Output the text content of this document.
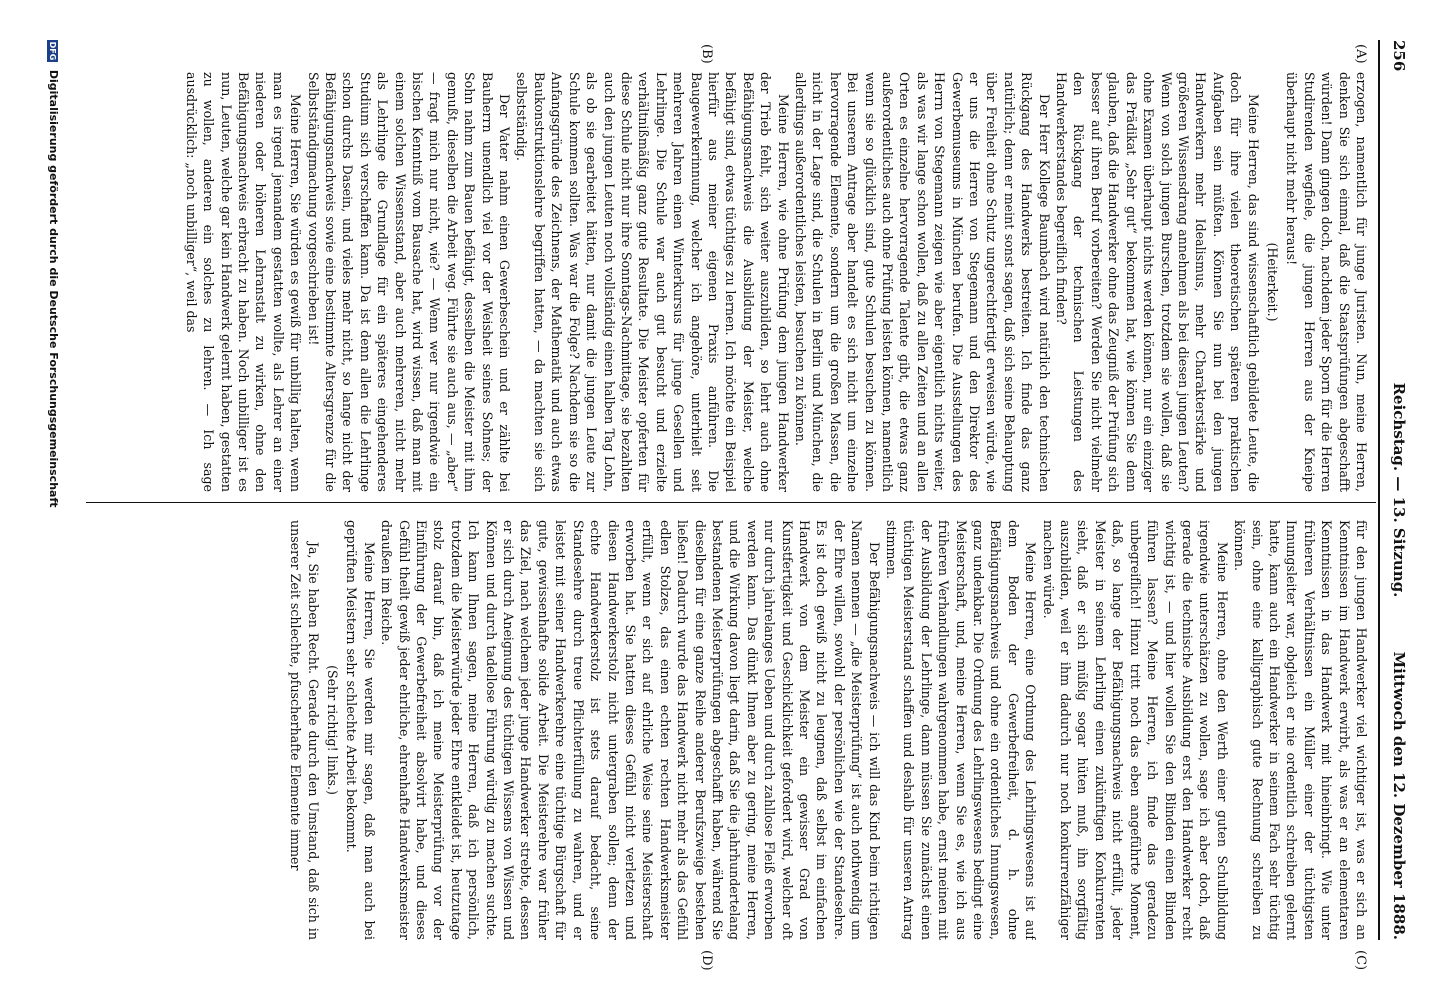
256
Reichstag. — 13. Sitzung.
Mittwoch den 12. Dezember 1888.
(A)
(B)
(C)
(D)

erzogen, namentlich für junge Juristen. Nun, meine Herren, denken Sie sich einmal, daß die Staatsprüfungen abgeschafft würden! Dann gingen doch, nachdem jeder Sporn für die Herren Studirenden wegfiele, die jungen Herren aus der Kneipe überhaupt nicht mehr heraus!

(Heiterkeit.)

Meine Herren, das sind wissenschaftlich gebildete Leute, die doch für ihre vielen theoretischen späteren praktischen Aufgaben sein müßten. Können Sie nun bei den jungen Handwerkern mehr Idealismus, mehr Charakterstärke und größeren Wissensdrang annehmen als bei diesen jungen Leuten? Wenn von solch jungen Burschen, trotzdem sie wollen, daß sie ohne Examen überhaupt nichts werden können, nur ein einziger das Prädikat „Sehr gut“ bekommen hat, wie können Sie denn glauben, daß die Handwerker ohne das Zeugniß der Prüfung sich besser auf ihren Beruf vorbereiten? Werden Sie nicht vielmehr den Rückgang der technischen Leistungen des Handwerkerstandes begreiflich finden?

Der Herr Kollege Baumbach wird natürlich den technischen Rückgang des Handwerks bestreiten. Ich finde das ganz natürlich; denn er meint sonst sagen, daß sich seine Behauptung über Freiheit ohne Schutz ungerechtfertigt erweisen würde, wie er uns die Herren von Stegemann und den Direktor des Gewerbemuseums in München berufen. Die Ausstellungen des Herrn von Stegemann zeigen wie aber eigentlich nichts weiter, als was wir lange schon wollen, daß zu allen Zeiten und an allen Orten es einzelne hervorragende Talente gibt, die etwas ganz außerordentliches auch ohne Prüfung leisten können, namentlich wenn sie so glücklich sind, gute Schulen besuchen zu können. Bei unserem Antrage aber handelt es sich nicht um einzelne hervorragende Elemente, sondern um die großen Massen, die nicht in der Lage sind, die Schulen in Berlin und München, die allerdings außerordentliches leisten, besuchen zu können.

Meine Herren, wie ohne Prüfung dem jungen Handwerker der Trieb fehlt, sich weiter auszubilden, so lehrt auch ohne Befähigungsnachweis die Ausbildung der Meister, welche befähigt sind, etwas tüchtiges zu lernen. Ich möchte ein Beispiel hierfür aus meiner eigenen Praxis anführen. Die Baugewerkerinnung, welcher ich angehöre, unterhielt seit mehreren Jahren einen Winterkursus für junge Gesellen und Lehrlinge. Die Schule war auch gut besucht und erzielte verhältnißmäßig ganz gute Resultate. Die Meister opferten für diese Schule nicht nur ihre Sonntags-Nachmittage, sie bezahlten auch den jungen Leuten noch vollständig einen halben Tag Lohn, als ob sie gearbeitet hätten, nur damit die jungen Leute zur Schule kommen sollten. Was war die Folge? Nachdem sie so die Anfangsgründe des Zeichnens, der Mathematik und auch etwas Baukonstruktionslehre begriffen hatten, — da machten sie sich selbstständig.

Der Vater nahm einen Gewerbeschein und er zählte bei Bauherrn unendlich viel vor der Weisheit seines Sohnes; der Sohn nahm zum Bauen befähigt, desselben die Meister mit ihm gemußt, dieselben die Arbeit weg. Führte sie auch aus, — „aber“ — fragt mich nur nicht, wie? — Wenn wer nur irgendwie ein bischen Kenntniß vom Bausache hat, wird wissen, daß man mit einem solchen Wissensstand, aber auch mehreren, nicht mehr als Lehrlinge die Grundlage für ein späteres eingehenderes Studium sich verschaffen kann. Da ist denn allen die Lehrlinge schon durchs Dasein, und vieles mehr nicht, so lange nicht der Befähigungsnachweis sowie eine bestimmte Altersgrenze für die Selbstständigmachung vorgeschrieben ist!

Meine Herren, Sie würden es gewiß für unbillig halten, wenn man es irgend jemandem gestatten wollte, als Lehrer an einer niederen oder höheren Lehranstalt zu wirken, ohne den Befähigungsnachweis erbracht zu haben. Noch unbilliger ist es nun, Leuten, welche gar kein Handwerk gelernt haben, gestatten zu wollen, anderen ein solches zu lehren. — Ich sage ausdrücklich: „noch unbilliger“, weil das

für den jungen Handwerker viel wichtiger ist, was er sich an Kenntnissen im Handwerk erwirbt, als was er an elementaren Kenntnissen in das Handwerk mit hineinbringt. Wie unter früheren Verhältnissen ein Müller einer der tüchtigsten Innungsleiter war, obgleich er nie ordentlich schreiben gelernt hatte, kann auch ein Handwerker in seinem Fach sehr tüchtig sein, ohne eine kalligraphisch gute Rechnung schreiben zu können.

Meine Herren, ohne den Werth einer guten Schulbildung irgendwie unterschätzen zu wollen, sage ich aber doch, daß gerade die technische Ausbildung erst den Handwerker recht wichtig ist, — und hier wollen Sie den Blinden einen Blinden führen lassen? Meine Herren, ich finde das geradezu unbegreiflich! Hinzu tritt noch das eben angeführte Moment, daß, so lange der Befähigungsnachweis nicht erfüllt, jeder Meister in seinem Lehrling einen zukünftigen Konkurrenten sieht, daß er sich müßig sogar hüten muß, ihn sorgfältig auszubilden, weil er ihm dadurch nur noch konkurrenzfähiger machen würde.

Meine Herren, eine Ordnung des Lehrlingswesens ist auf dem Boden der Gewerbefreiheit, d. h. ohne Befähigungsnachweis und ohne ein ordentliches Innungswesen, ganz undenkbar. Die Ordnung des Lehrlingswesens bedingt eine Meisterschaft, und, meine Herren, wenn Sie es, wie ich aus früheren Verhandlungen wahrgenommen habe, ernst meinen mit der Ausbildung der Lehrlinge, dann müssen Sie zunächst einen tüchtigen Meisterstand schaffen und deshalb für unseren Antrag stimmen.

Der Befähigungsnachweis — ich will das Kind beim richtigen Namen nennen — „die Meisterprüfung“ ist auch nothwendig um der Ehre willen, sowohl der persönlichen wie der Standesehre. Es ist doch gewiß nicht zu leugnen, daß selbst im einfachen Handwerk von dem Meister ein gewisser Grad von Kunstfertigkeit und Geschicklichkeit gefordert wird, welcher oft nur durch jahrelanges Ueben und durch zahllose Fleiß erworben werden kann. Das dünkt Ihnen aber zu gering, meine Herren, und die Wirkung davon liegt darin, daß Sie die jahrhundertelang bestandenen Meisterprüfungen abgeschafft haben, während Sie dieselben für eine ganze Reihe anderer Berufszweige bestehen ließen! Dadurch wurde das Handwerk nicht mehr als das Gefühl edlen Stolzes, das einen echten rechten Handwerksmeister erfüllt, wenn er sich auf ehrliche Weise seine Meisterschaft erworben hat. Sie hatten dieses Gefühl nicht verletzen und diesen Handwerkerstolz nicht untergraben sollen; denn der echte Handwerkerstolz ist stets darauf bedacht, seine Standesehre durch treue Pflichterfüllung zu wahren, und er leistet mit seiner Handwerkerehre eine tüchtige Bürgschaft für gute, gewissenhafte solide Arbeit. Die Meisterehre war früher das Ziel, nach welchem jeder junge Handwerker strebte, dessen er sich durch Aneignung des tüchtigen Wissens von Wissen und Können und durch tadellose Führung würdig zu machen suchte. Ich kann Ihnen sagen, meine Herren, daß ich persönlich, trotzdem die Meisterwürde jeder Ehre entkleidet ist, heutzutage stolz darauf bin, daß ich meine Meisterprüfung vor der Einführung der Gewerbefreiheit absolvirt habe, und dieses Gefühl theilt gewiß jeder ehrliche, ehrenhafte Handwerksmeister draußen im Reiche.

Meine Herren, Sie werden mir sagen, daß man auch bei geprüften Meistern sehr schlechte Arbeit bekommt.

(Sehr richtig! links.)

Ja, Sie haben Recht. Gerade durch den Umstand, daß sich in unserer Zeit schlechte, pfuscherhafte Elemente immer

DFG Digitalisierung gefördert durch die Deutsche Forschungsgemeinschaft
